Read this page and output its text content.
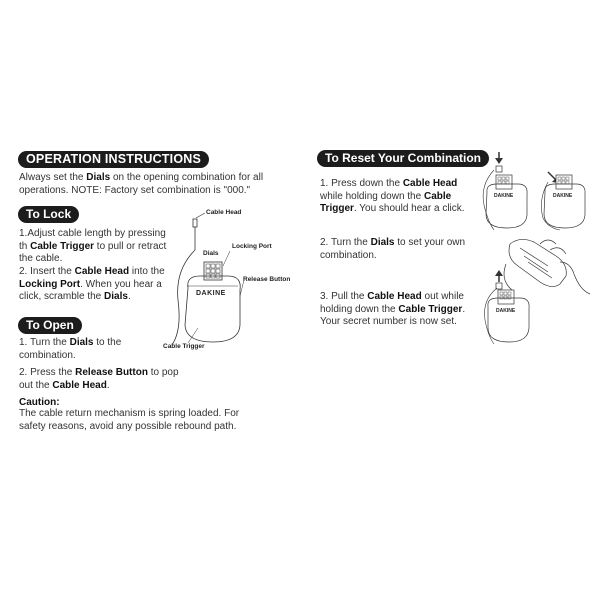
OPERATION INSTRUCTIONS
Always set the Dials on the opening combination for all operations. NOTE: Factory set combination is "000."
To Lock
1.Adjust cable length by pressing th Cable Trigger to pull or retract the cable.
2. Insert the Cable Head into the Locking Port. When you hear a click, scramble the Dials.
To Open
1. Turn the Dials to the combination.
2. Press the Release Button to pop out the Cable Head.
Caution:
The cable return mechanism is spring loaded. For safety reasons, avoid any possible rebound path.
Cable Head
Dials
Locking Port
Release Button
Cable Trigger
DAKINE
To Reset Your Combination
1. Press down the Cable Head while holding down the Cable Trigger. You should hear a click.
2. Turn the Dials to set your own combination.
3. Pull the Cable Head out while holding down the Cable Trigger. Your secret number is now set.
DAKINE	DAKINE
DAKINE
